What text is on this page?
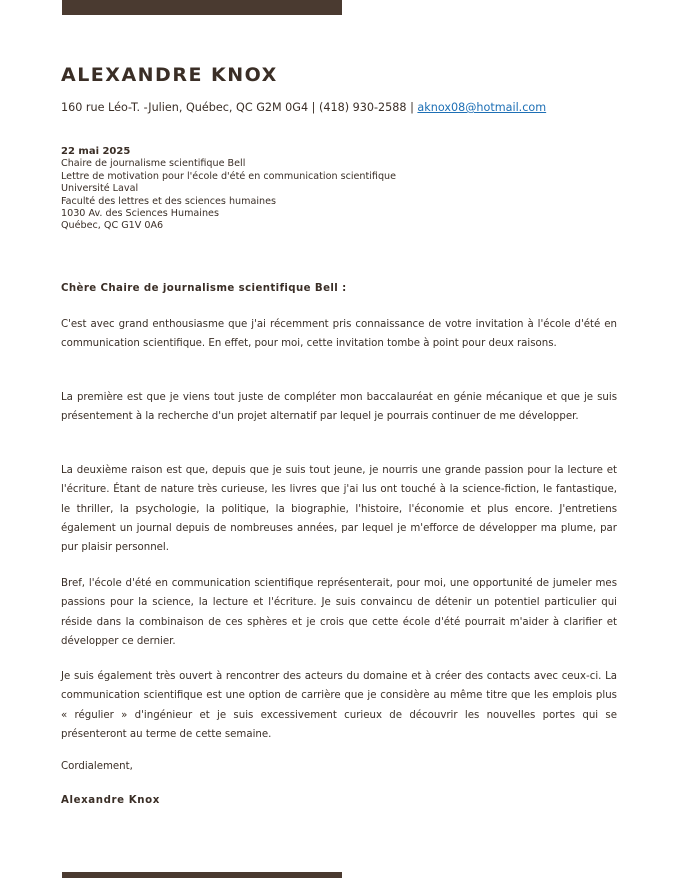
ALEXANDRE KNOX
160 rue Léo-T. -Julien, Québec, QC G2M 0G4 | (418) 930-2588 | aknox08@hotmail.com
22 mai 2025
Chaire de journalisme scientifique Bell
Lettre de motivation pour l'école d'été en communication scientifique
Université Laval
Faculté des lettres et des sciences humaines
1030 Av. des Sciences Humaines
Québec, QC G1V 0A6
Chère Chaire de journalisme scientifique Bell :

C'est avec grand enthousiasme que j'ai récemment pris connaissance de votre invitation à l'école d'été en communication scientifique. En effet, pour moi, cette invitation tombe à point pour deux raisons.

La première est que je viens tout juste de compléter mon baccalauréat en génie mécanique et que je suis présentement à la recherche d'un projet alternatif par lequel je pourrais continuer de me développer.

La deuxième raison est que, depuis que je suis tout jeune, je nourris une grande passion pour la lecture et l'écriture. Étant de nature très curieuse, les livres que j'ai lus ont touché à la science-fiction, le fantastique, le thriller, la psychologie, la politique, la biographie, l'histoire, l'économie et plus encore. J'entretiens également un journal depuis de nombreuses années, par lequel je m'efforce de développer ma plume, par pur plaisir personnel.

Bref, l'école d'été en communication scientifique représenterait, pour moi, une opportunité de jumeler mes passions pour la science, la lecture et l'écriture. Je suis convaincu de détenir un potentiel particulier qui réside dans la combinaison de ces sphères et je crois que cette école d'été pourrait m'aider à clarifier et développer ce dernier.

Je suis également très ouvert à rencontrer des acteurs du domaine et à créer des contacts avec ceux-ci. La communication scientifique est une option de carrière que je considère au même titre que les emplois plus « régulier » d'ingénieur et je suis excessivement curieux de découvrir les nouvelles portes qui se présenteront au terme de cette semaine.

Cordialement,
Alexandre Knox
